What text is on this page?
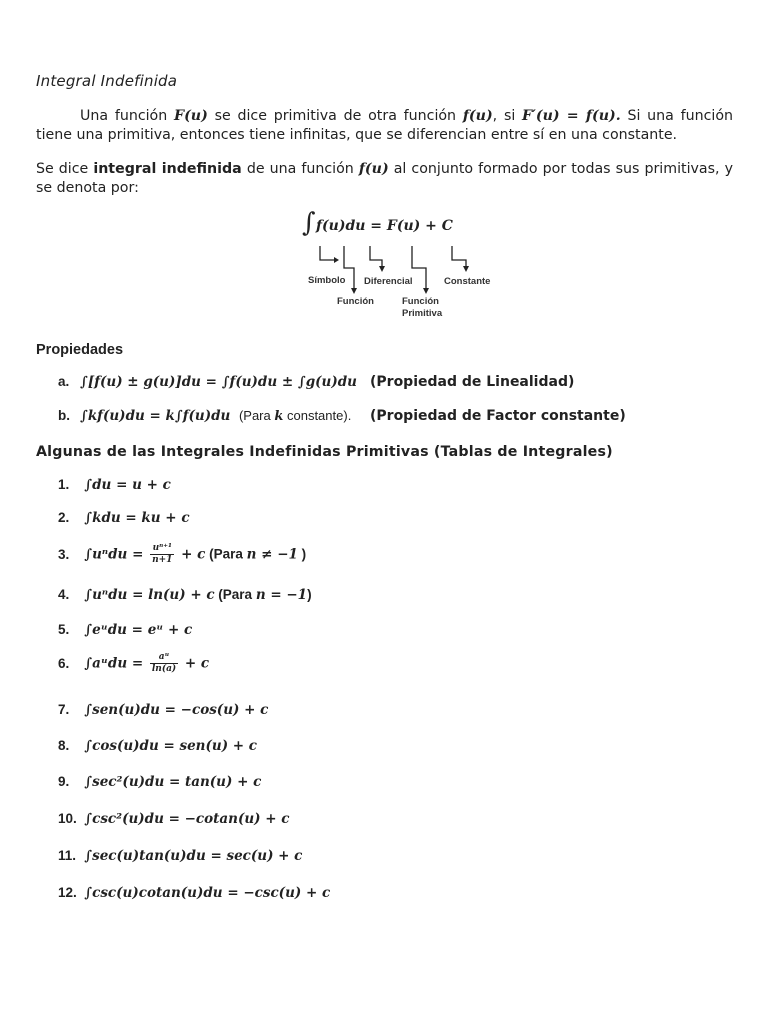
Integral Indefinida
Una función F(u) se dice primitiva de otra función f(u), si F′(u) = f(u). Si una función tiene una primitiva, entonces tiene infinitas, que se diferencian entre sí en una constante.
Se dice integral indefinida de una función f(u) al conjunto formado por todas sus primitivas, y se denota por:
∫ f(u)du = F(u) + C
Símbolo Diferencial	Constante
Función	Función
Primitiva
Propiedades
a. ∫[f(u) ± g(u)]du = ∫f(u)du ± ∫g(u)du (Propiedad de Linealidad)
b. ∫kf(u)du = k∫f(u)du (Para k constante). (Propiedad de Factor constante)
Algunas de las Integrales Indefinidas Primitivas (Tablas de Integrales)
1. ∫du = u + c
2. ∫kdu = ku + c
3. $\int u^ndu = \frac{\text{uⁿ⁺¹}}{n+1} + c$ (Para n ≠ −1 )
4. ∫uⁿdu = ln(u) + c (Para n = −1)
5. ∫eᵘdu = eᵘ + c
6. ∫aᵘdu = $\frac{\text{aᵘ}}{\ln(a)} + c$
7. ∫sen(u)du = −cos(u) + c
8. ∫cos(u)du = sen(u) + c
9. ∫sec²(u)du = tan(u) + c
10. ∫csc²(u)du = −cotan(u) + c
11. ∫sec(u)tan(u)du = sec(u) + c
12. ∫csc(u)cotan(u)du = −csc(u) + c
